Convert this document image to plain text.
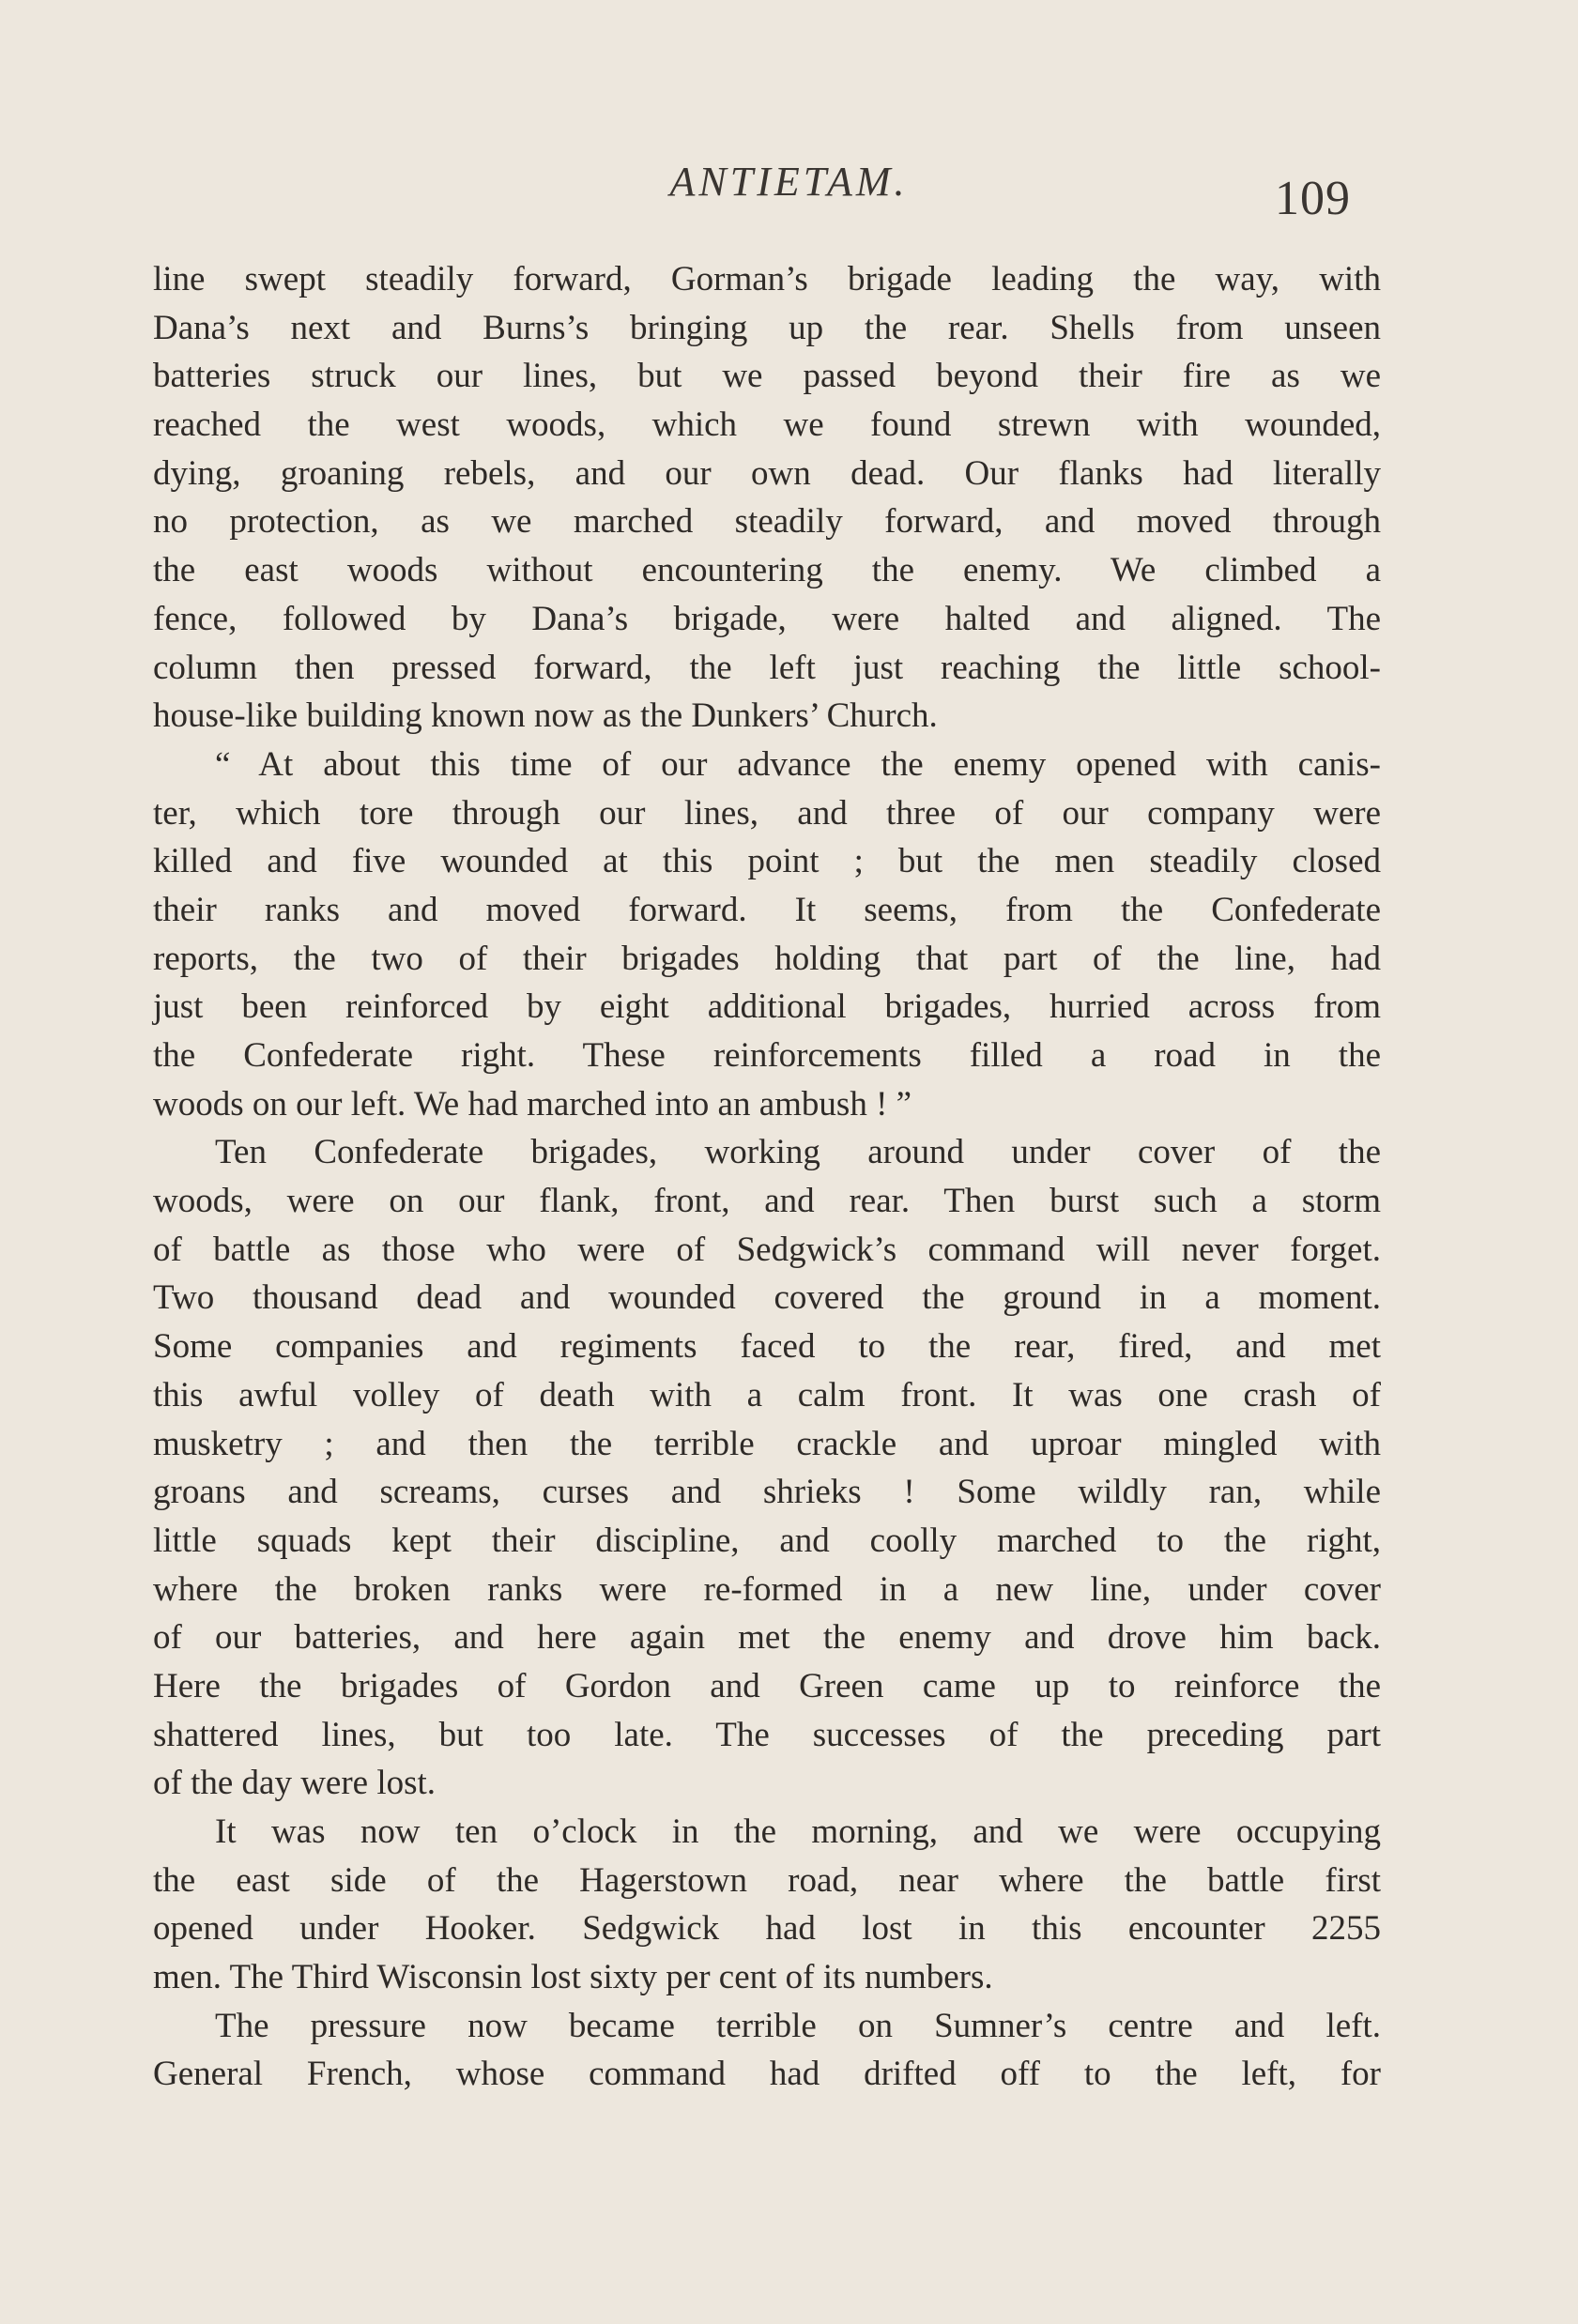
ANTIETAM.	109
line swept steadily forward, Gorman’s brigade leading the way, with
Dana’s next and Burns’s bringing up the rear. Shells from unseen
batteries struck our lines, but we passed beyond their fire as we
reached the west woods, which we found strewn with wounded,
dying, groaning rebels, and our own dead. Our flanks had literally
no protection, as we marched steadily forward, and moved through
the east woods without encountering the enemy. We climbed a
fence, followed by Dana’s brigade, were halted and aligned. The
column then pressed forward, the left just reaching the little school-
house-like building known now as the Dunkers’ Church.
“ At about this time of our advance the enemy opened with canis-
ter, which tore through our lines, and three of our company were
killed and five wounded at this point ; but the men steadily closed
their ranks and moved forward. It seems, from the Confederate
reports, the two of their brigades holding that part of the line, had
just been reinforced by eight additional brigades, hurried across from
the Confederate right. These reinforcements filled a road in the
woods on our left. We had marched into an ambush ! ”
Ten Confederate brigades, working around under cover of the
woods, were on our flank, front, and rear. Then burst such a storm
of battle as those who were of Sedgwick’s command will never forget.
Two thousand dead and wounded covered the ground in a moment.
Some companies and regiments faced to the rear, fired, and met
this awful volley of death with a calm front. It was one crash of
musketry ; and then the terrible crackle and uproar mingled with
groans and screams, curses and shrieks ! Some wildly ran, while
little squads kept their discipline, and coolly marched to the right,
where the broken ranks were re-formed in a new line, under cover
of our batteries, and here again met the enemy and drove him back.
Here the brigades of Gordon and Green came up to reinforce the
shattered lines, but too late. The successes of the preceding part
of the day were lost.
It was now ten o’clock in the morning, and we were occupying
the east side of the Hagerstown road, near where the battle first
opened under Hooker. Sedgwick had lost in this encounter 2255
men. The Third Wisconsin lost sixty per cent of its numbers.
The pressure now became terrible on Sumner’s centre and left.
General French, whose command had drifted off to the left, for
